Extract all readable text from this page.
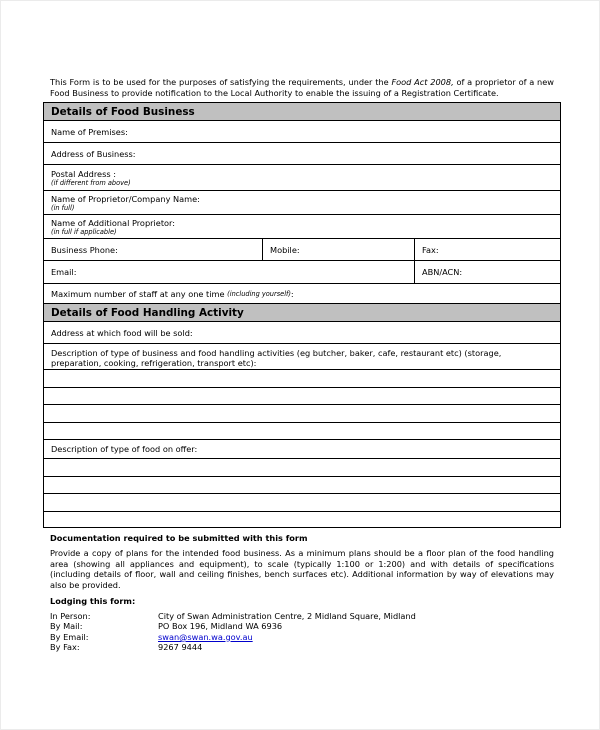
This Form is to be used for the purposes of satisfying the requirements, under the Food Act 2008, of a proprietor of a new Food Business to provide notification to the Local Authority to enable the issuing of a Registration Certificate.
Details of Food Business
Name of Premises:
Address of Business:
Postal Address :
(if different from above)
Name of Proprietor/Company Name:
(in full)
Name of Additional Proprietor:
(in full if applicable)
Business Phone:	Mobile:	Fax:
Email:	ABN/ACN:
Maximum number of staff at any one time
(including yourself) :
Details of Food Handling Activity
Address at which food will be sold:
Description of type of business and food handling activities (eg butcher, baker, cafe, restaurant etc) (storage, preparation, cooking, refrigeration, transport etc):
Description of type of food on offer:
Documentation required to be submitted with this form
Provide a copy of plans for the intended food business. As a minimum plans should be a floor plan of the food handling area (showing all appliances and equipment), to scale (typically 1:100 or 1:200) and with details of specifications (including details of floor, wall and ceiling finishes, bench surfaces etc). Additional information by way of elevations may also be provided.
Lodging this form:
In Person:	City of Swan Administration Centre, 2 Midland Square, Midland
By Mail:	PO Box 196, Midland WA 6936
By Email:	swan@swan.wa.gov.au
By Fax:	9267 9444
